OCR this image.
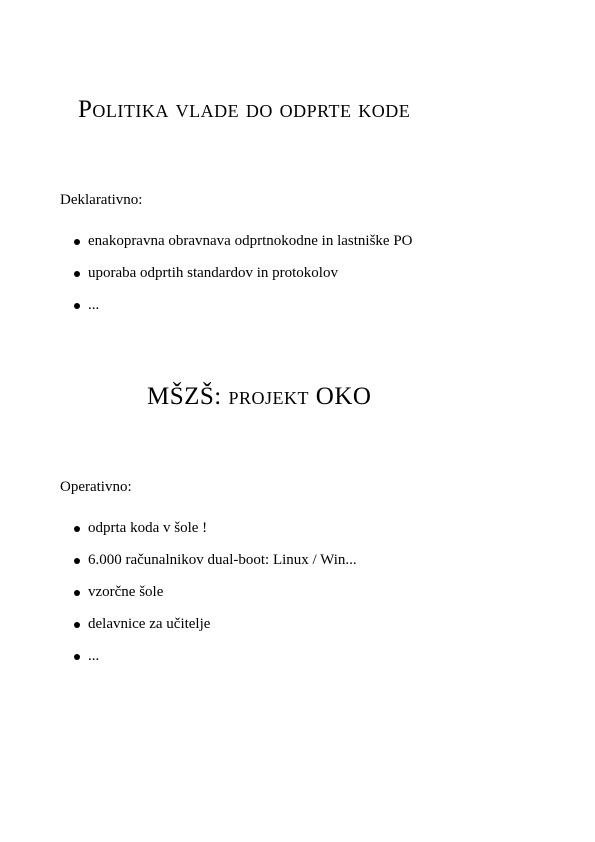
Politika vlade do odprte kode
Deklarativno:
enakopravna obravnava odprtnokodne in lastniške PO
uporaba odprtih standardov in protokolov
...
MŠZŠ: projekt OKO
Operativno:
odprta koda v šole !
6.000 računalnikov dual-boot: Linux / Win...
vzorčne šole
delavnice za učitelje
...
